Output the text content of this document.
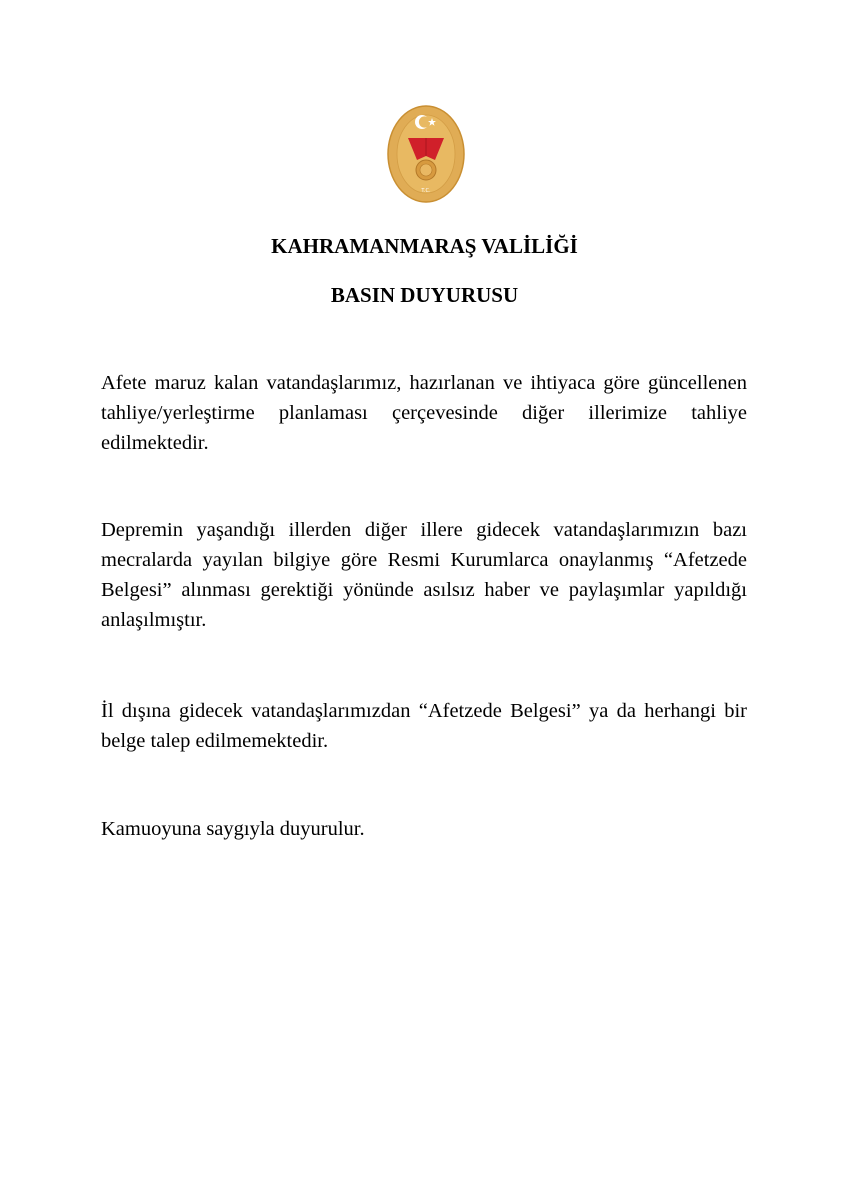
T.C.
KAHRAMANMARAŞ VALİLİĞİ
BASIN DUYURUSU

Afete maruz kalan vatandaşlarımız, hazırlanan ve ihtiyaca göre güncellenen tahliye/yerleştirme planlaması çerçevesinde diğer illerimize tahliye edilmektedir.

Depremin yaşandığı illerden diğer illere gidecek vatandaşlarımızın bazı mecralarda yayılan bilgiye göre Resmi Kurumlarca onaylanmış “Afetzede Belgesi” alınması gerektiği yönünde asılsız haber ve paylaşımlar yapıldığı anlaşılmıştır.

İl dışına gidecek vatandaşlarımızdan “Afetzede Belgesi” ya da herhangi bir belge talep edilmemektedir.

Kamuoyuna saygıyla duyurulur.
